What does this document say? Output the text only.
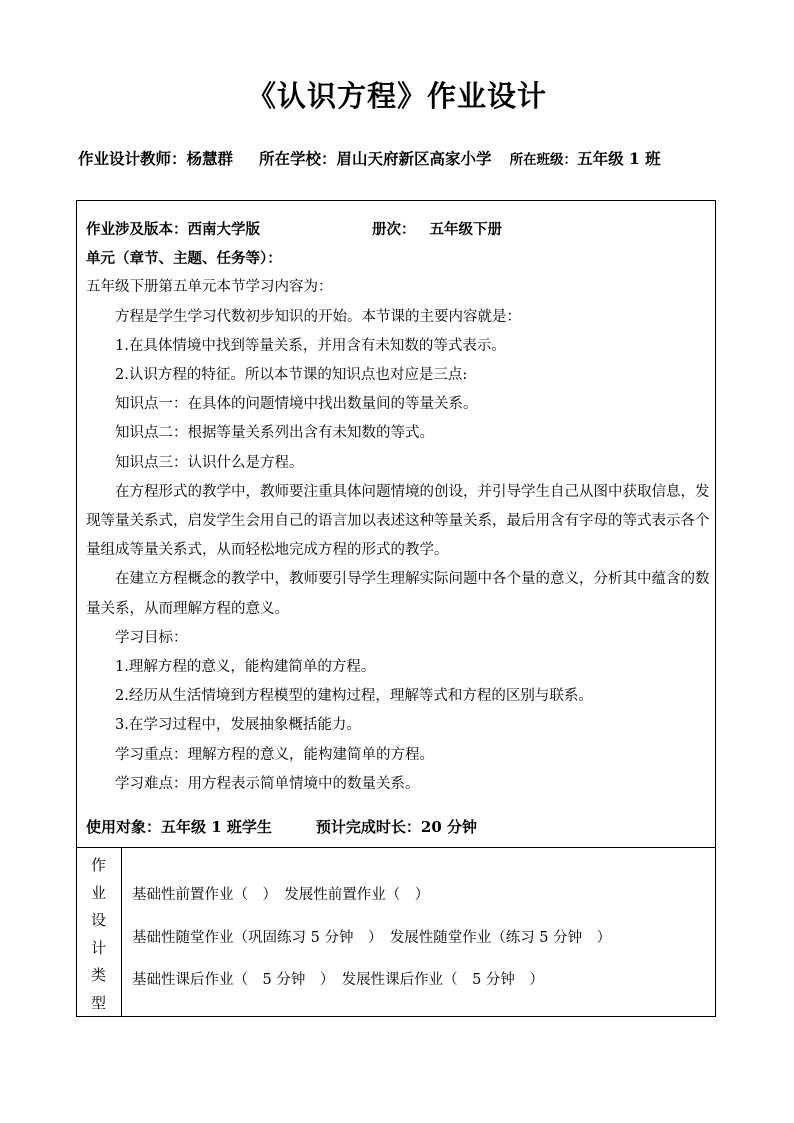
《认识方程》作业设计
作业设计教师：杨慧群 所在学校：眉山天府新区高家小学 所在班级：五年级 1 班

作业涉及版本：西南大学版	册次： 五年级下册

单元（章节、主题、任务等）：

五年级下册第五单元本节学习内容为：

方程是学生学习代数初步知识的开始。本节课的主要内容就是：

1.在具体情境中找到等量关系，并用含有未知数的等式表示。

2.认识方程的特征。所以本节课的知识点也对应是三点:

知识点一：在具体的问题情境中找出数量间的等量关系。

知识点二：根据等量关系列出含有未知数的等式。

知识点三：认识什么是方程。

在方程形式的教学中，教师要注重具体问题情境的创设，并引导学生自己从图中获取信息，发现等量关系式，启发学生会用自己的语言加以表述这种等量关系，最后用含有字母的等式表示各个量组成等量关系式，从而轻松地完成方程的形式的教学。

在建立方程概念的教学中，教师要引导学生理解实际问题中各个量的意义，分析其中蕴含的数量关系，从而理解方程的意义。

学习目标：

1.理解方程的意义，能构建简单的方程。

2.经历从生活情境到方程模型的建构过程，理解等式和方程的区别与联系。

3.在学习过程中，发展抽象概括能力。

学习重点：理解方程的意义，能构建简单的方程。

学习难点：用方程表示简单情境中的数量关系。

使用对象：五年级 1 班学生	预计完成时长：20 分钟
作
业
设
计
类
型

基础性前置作业（　）　发展性前置作业（　）

基础性随堂作业（巩固练习 5 分钟　）　发展性随堂作业（练习 5 分钟　）

基础性课后作业（　5 分钟　）　发展性课后作业（　5 分钟　）
